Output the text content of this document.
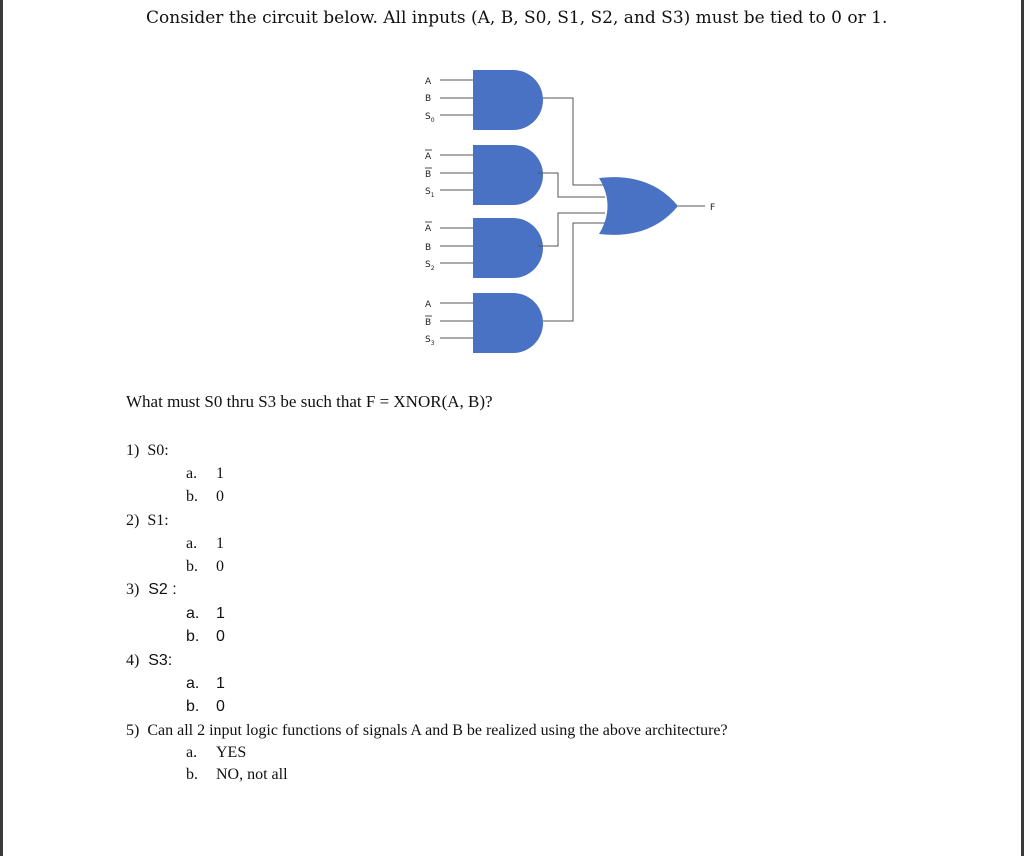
Consider the circuit below. All inputs (A, B, S0, S1, S2, and S3) must be tied to 0 or 1.
A
B
$S_0$
A
B
$S_1$
A
B
$S_2$
A
B
$S_3$
F
What must S0 thru S3 be such that F = XNOR(A, B)?
1) S0:
a. 1
b. 0
2) S1:
a. 1
b. 0
3) S2 :
a. 1
b. 0
4) S3:
a. 1
b. 0
5) Can all 2 input logic functions of signals A and B be realized using the above architecture?
a. YES
b. NO, not all
